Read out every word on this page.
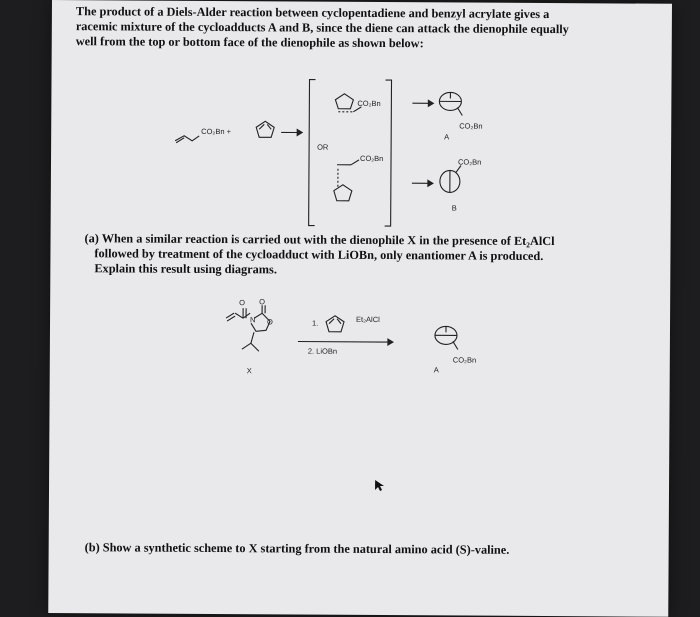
The product of a Diels-Alder reaction between cyclopentadiene and benzyl acrylate gives a
racemic mixture of the cycloadducts A and B, since the diene can attack the dienophile equally
well from the top or bottom face of the dienophile as shown below:
CO₂Bn +
OR
CO₂Bn
CO₂Bn
CO₂Bn
A
CO₂Bn
B
(a) When a similar reaction is carried out with the dienophile X in the presence of Et₂AlCl
followed by treatment of the cycloadduct with LiOBn, only enantiomer A is produced.
Explain this result using diagrams.
O O
N O
X
1.	Et₂AlCl
2. LiOBn
CO₂Bn
A
(b) Show a synthetic scheme to X starting from the natural amino acid (S)-valine.
